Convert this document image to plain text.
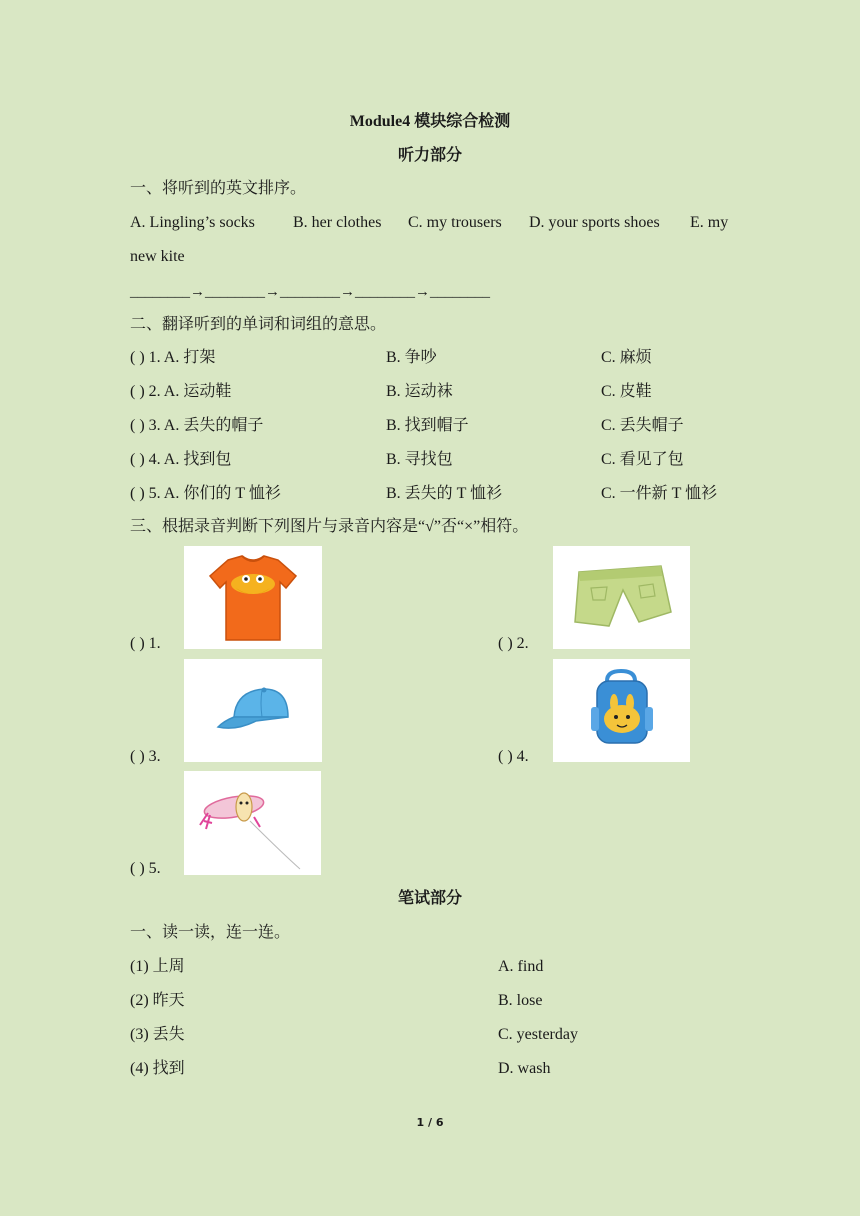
Module4 模块综合检测
听力部分
一、将听到的英文排序。
A. Lingling’s socks B. her clothes C. my trousers D. your sports shoes E. my
new kite
________→________→________→________→________
二、翻译听到的单词和词组的意思。
( ) 1. A. 打架	B. 争吵	C. 麻烦
( ) 2. A. 运动鞋	B. 运动袜	C. 皮鞋
( ) 3. A. 丢失的帽子	B. 找到帽子	C. 丢失帽子
( ) 4. A. 找到包	B. 寻找包	C. 看见了包
( ) 5. A. 你们的 T 恤衫	B. 丢失的 T 恤衫	C. 一件新 T 恤衫
三、根据录音判断下列图片与录音内容是“√”否“×”相符。
( ) 1.	( ) 2.
( ) 3.	( ) 4.
( ) 5.
笔试部分
一、读一读，连一连。
(1) 上周	A. find
(2) 昨天	B. lose
(3) 丢失	C. yesterday
(4) 找到	D. wash
1 / 6
